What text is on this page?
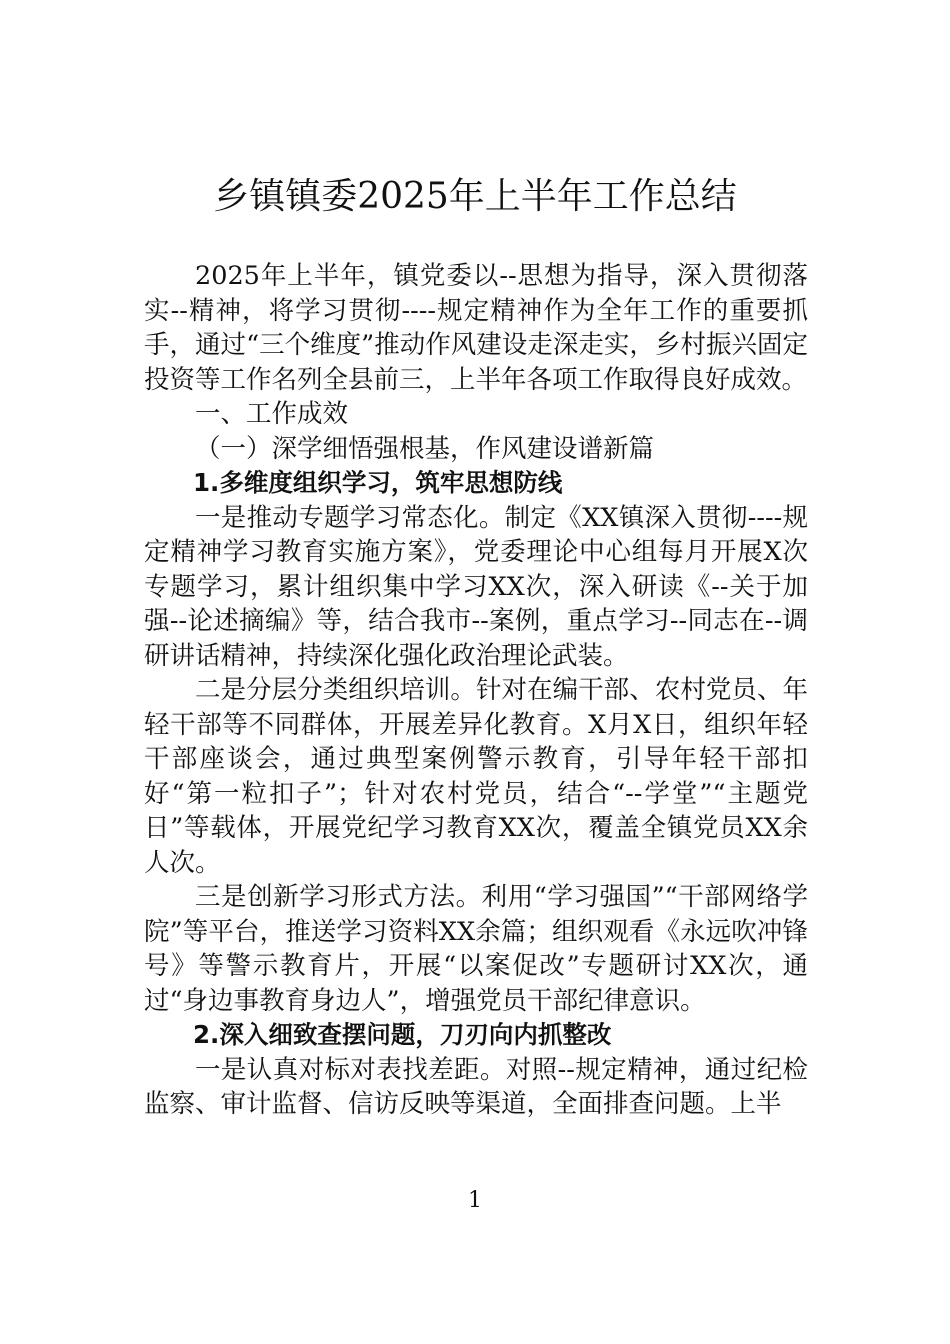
乡镇镇委2025年上半年工作总结

2025年上半年，镇党委以--思想为指导，深入贯彻落实--精神，将学习贯彻----规定精神作为全年工作的重要抓手，通过“三个维度”推动作风建设走深走实，乡村振兴固定投资等工作名列全县前三，上半年各项工作取得良好成效。

一、工作成效

（一）深学细悟强根基，作风建设谱新篇

1.多维度组织学习，筑牢思想防线

一是推动专题学习常态化。制定《XX镇深入贯彻----规定精神学习教育实施方案》，党委理论中心组每月开展X次专题学习，累计组织集中学习XX次，深入研读《--关于加强--论述摘编》等，结合我市--案例，重点学习--同志在--调研讲话精神，持续深化强化政治理论武装。

二是分层分类组织培训。针对在编干部、农村党员、年轻干部等不同群体，开展差异化教育。X月X日，组织年轻干部座谈会，通过典型案例警示教育，引导年轻干部扣好“第一粒扣子”；针对农村党员，结合“--学堂”“主题党日”等载体，开展党纪学习教育XX次，覆盖全镇党员XX余人次。

三是创新学习形式方法。利用“学习强国”“干部网络学院”等平台，推送学习资料XX余篇；组织观看《永远吹冲锋号》等警示教育片，开展“以案促改”专题研讨XX次，通过“身边事教育身边人”，增强党员干部纪律意识。

2.深入细致查摆问题，刀刃向内抓整改

一是认真对标对表找差距。对照--规定精神，通过纪检监察、审计监督、信访反映等渠道，全面排查问题。上半

1
